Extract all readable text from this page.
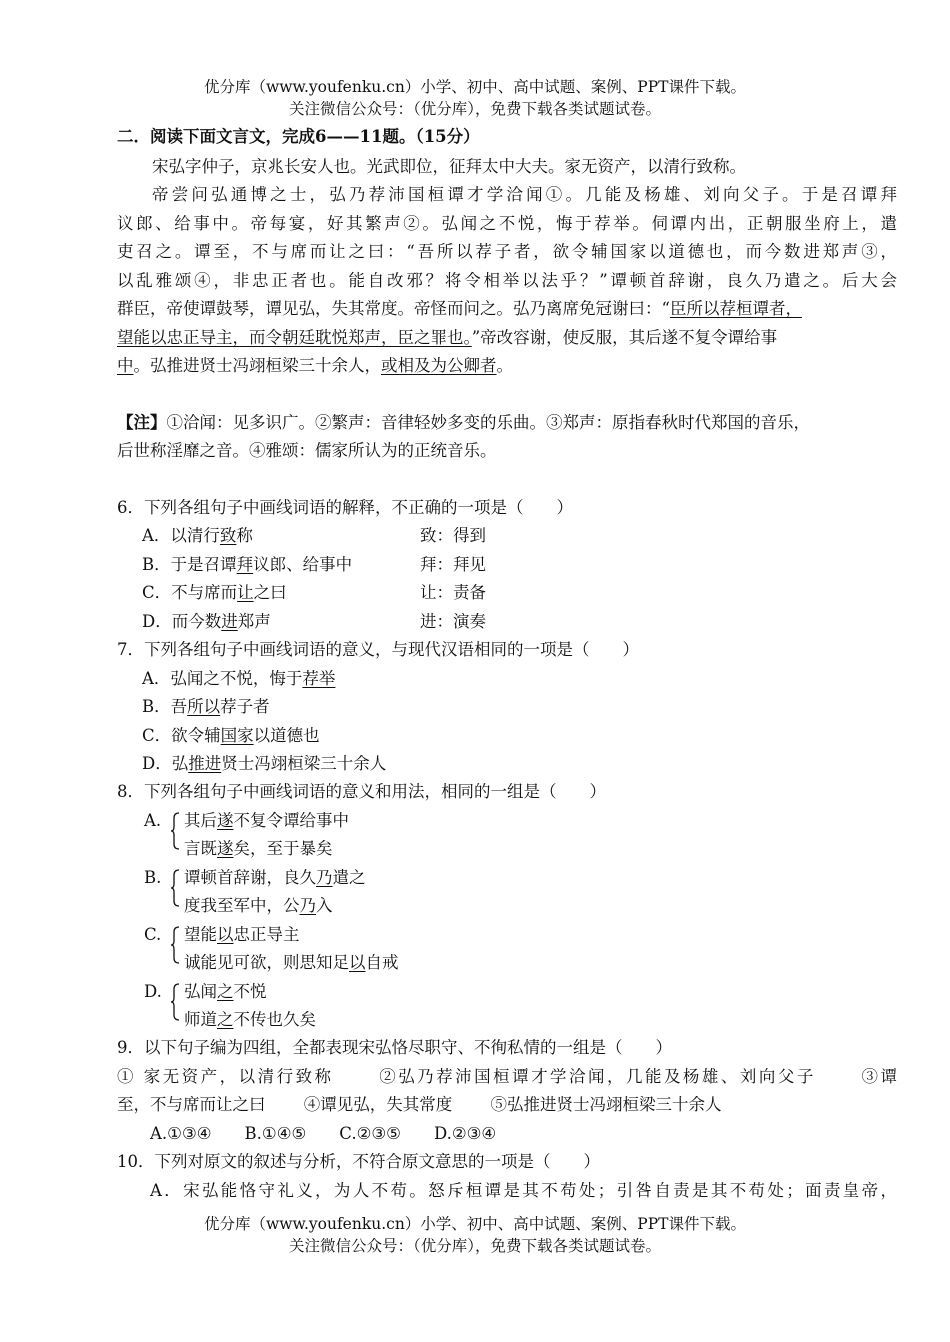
优分库（www.youfenku.cn）小学、初中、高中试题、案例、PPT课件下载。
关注微信公众号：（优分库），免费下载各类试题试卷。
二．阅读下面文言文，完成6——11题。（15分）
宋弘字仲子，京兆长安人也。光武即位，征拜太中大夫。家无资产，以清行致称。
帝尝问弘通博之士，弘乃荐沛国桓谭才学洽闻①。几能及杨雄、刘向父子。于是召谭拜
议郎、给事中。帝每宴，好其繁声②。弘闻之不悦，悔于荐举。伺谭内出，正朝服坐府上，遣
吏召之。谭至，不与席而让之曰：“吾所以荐子者，欲令辅国家以道德也，而今数进郑声③，
以乱雅颂④，非忠正者也。能自改邪？将令相举以法乎？”谭顿首辞谢，良久乃遣之。后大会
群臣，帝使谭鼓琴，谭见弘，失其常度。帝怪而问之。弘乃离席免冠谢曰：“臣所以荐桓谭者，
望能以忠正导主，而令朝廷耽悦郑声，臣之罪也。”帝改容谢，使反服，其后遂不复令谭给事
中。弘推进贤士冯翊桓梁三十余人，或相及为公卿者。
【注】①洽闻：见多识广。②繁声：音律轻妙多变的乐曲。③郑声：原指春秋时代郑国的音乐，
后世称淫靡之音。④雅颂：儒家所认为的正统音乐。
6．下列各组句子中画线词语的解释，不正确的一项是（　　）
A．以清行致称	致：得到
B．于是召谭拜议郎、给事中	拜：拜见
C．不与席而让之曰	让：责备
D．而今数进郑声	进：演奏
7．下列各组句子中画线词语的意义，与现代汉语相同的一项是（　　）
A．弘闻之不悦，悔于荐举
B．吾所以荐子者
C．欲令辅国家以道德也
D．弘推进贤士冯翊桓梁三十余人
8．下列各组句子中画线词语的意义和用法，相同的一组是（　　）
A. 其后遂不复令谭给事中
言既遂矣，至于暴矣
B. 谭顿首辞谢，良久乃遣之
度我至军中，公乃入
C. 望能以忠正导主
诚能见可欲，则思知足以自戒
D. 弘闻之不悦
师道之不传也久矣
9．以下句子编为四组，全都表现宋弘恪尽职守、不徇私情的一组是（　　）
① 家无资产，以清行致称　　 ②弘乃荐沛国桓谭才学洽闻，几能及杨雄、刘向父子　　 ③谭
至，不与席而让之曰　　 ④谭见弘，失其常度　　 ⑤弘推进贤士冯翊桓梁三十余人
A.①③④　　B.①④⑤　　C.②③⑤　　D.②③④
10．下列对原文的叙述与分析，不符合原文意思的一项是（　　）
A．宋弘能恪守礼义，为人不苟。怒斥桓谭是其不苟处；引咎自责是其不苟处；面责皇帝，
优分库（www.youfenku.cn）小学、初中、高中试题、案例、PPT课件下载。
关注微信公众号：（优分库），免费下载各类试题试卷。
